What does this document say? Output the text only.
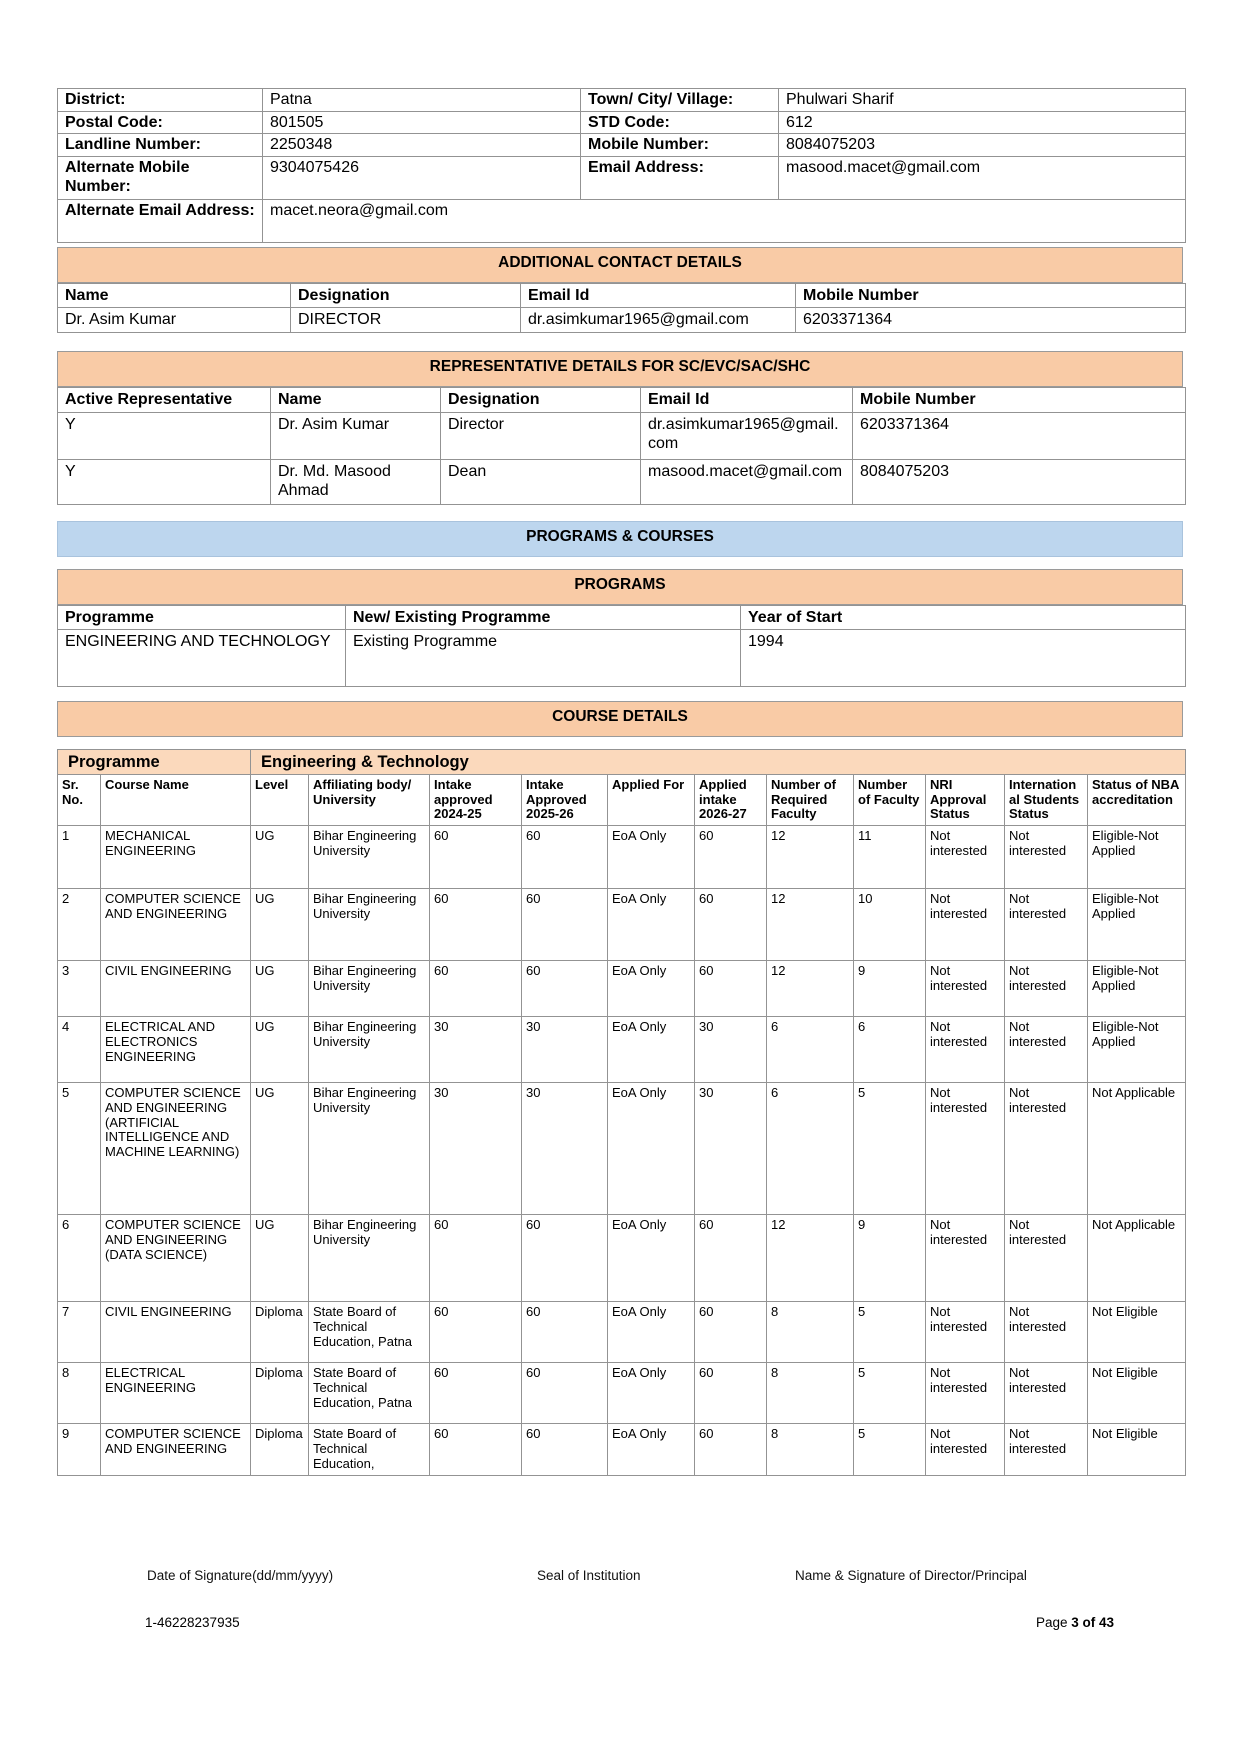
District:	Patna	Town/ City/ Village:	Phulwari Sharif
Postal Code:	801505	STD Code:	612
Landline Number:	2250348	Mobile Number:	8084075203
Alternate Mobile Number:	9304075426	Email Address:	masood.macet@gmail.com
Alternate Email Address:	macet.neora@gmail.com		
ADDITIONAL CONTACT DETAILS
Name	Designation	Email Id	Mobile Number
Dr. Asim Kumar	DIRECTOR	dr.asimkumar1965@gmail.com	6203371364
REPRESENTATIVE DETAILS FOR SC/EVC/SAC/SHC
Active Representative	Name	Designation	Email Id	Mobile Number
Y	Dr. Asim Kumar	Director	dr.asimkumar1965@gmail.com	6203371364
Y	Dr. Md. Masood Ahmad	Dean	masood.macet@gmail.com	8084075203
PROGRAMS & COURSES
PROGRAMS
Programme	New/ Existing Programme	Year of Start
ENGINEERING AND TECHNOLOGY	Existing Programme	1994
COURSE DETAILS
Programme		Engineering & Technology										
Sr. No.	Course Name	Level	Affiliating body/ University	Intake approved 2024-25	Intake Approved 2025-26	Applied For	Applied intake 2026-27	Number of Required Faculty	Number of Faculty	NRI Approval Status	International Students Status	Status of NBA accreditation
1	MECHANICAL ENGINEERING	UG	Bihar Engineering University	60	60	EoA Only	60	12	11	Not interested	Not interested	Eligible-Not Applied
2	COMPUTER SCIENCE AND ENGINEERING	UG	Bihar Engineering University	60	60	EoA Only	60	12	10	Not interested	Not interested	Eligible-Not Applied
3	CIVIL ENGINEERING	UG	Bihar Engineering University	60	60	EoA Only	60	12	9	Not interested	Not interested	Eligible-Not Applied
4	ELECTRICAL AND ELECTRONICS ENGINEERING	UG	Bihar Engineering University	30	30	EoA Only	30	6	6	Not interested	Not interested	Eligible-Not Applied
5	COMPUTER SCIENCE AND ENGINEERING (ARTIFICIAL INTELLIGENCE AND MACHINE LEARNING)	UG	Bihar Engineering University	30	30	EoA Only	30	6	5	Not interested	Not interested	Not Applicable
6	COMPUTER SCIENCE AND ENGINEERING (DATA SCIENCE)	UG	Bihar Engineering University	60	60	EoA Only	60	12	9	Not interested	Not interested	Not Applicable
7	CIVIL ENGINEERING	Diploma	State Board of Technical Education, Patna	60	60	EoA Only	60	8	5	Not interested	Not interested	Not Eligible
8	ELECTRICAL ENGINEERING	Diploma	State Board of Technical Education, Patna	60	60	EoA Only	60	8	5	Not interested	Not interested	Not Eligible
9	COMPUTER SCIENCE AND ENGINEERING	Diploma	State Board of Technical Education,	60	60	EoA Only	60	8	5	Not interested	Not interested	Not Eligible
Date of Signature(dd/mm/yyyy)	Seal of Institution	Name & Signature of Director/Principal
1-46228237935	Page 3 of 43
